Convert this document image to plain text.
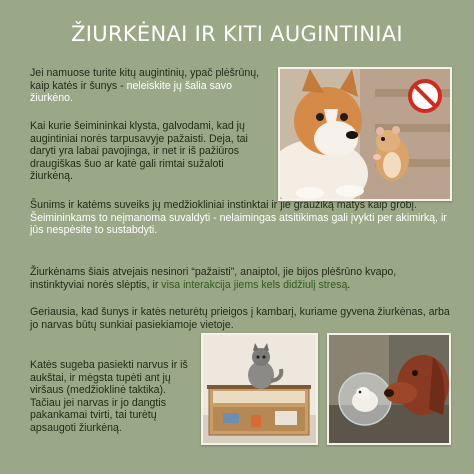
ŽIURKĖNAI IR KITI AUGINTINIAI

Jei namuose turite kitų augintinių, ypač plėšrūnų, kaip katės ir šunys - neleiskite jų šalia savo žiurkėno.

Kai kurie šeimininkai klysta, galvodami, kad jų augintiniai norės tarpusavyje pažaisti. Deja, tai daryti yra labai pavojinga, ir net ir iš pažiūros draugiškas šuo ar katė gali rimtai sužaloti žiurkėną.

Šunims ir katėms suveiks jų medžiokliniai instinktai ir jie graužiką matys kaip grobį. Šeimininkams to neįmanoma suvaldyti - nelaimingas atsitikimas gali įvykti per akimirką, ir jūs nespėsite to sustabdyti.

Žiurkėnams šiais atvejais nesinori “pažaisti”, anaiptol, jie bijos plėšrūno kvapo, instinktyviai norės slėptis, ir visa interakcija jiems kels didžiulį stresą.

Geriausia, kad šunys ir katės neturėtų prieigos į kambarį, kuriame gyvena žiurkėnas, arba jo narvas būtų sunkiai pasiekiamoje vietoje.

Katės sugeba pasiekti narvus ir iš aukštai, ir mėgsta tupėti ant jų viršaus (medžioklinė taktika). Tačiau jei narvas ir jo dangtis pakankamai tvirti, tai turėtų apsaugoti žiurkėną.
